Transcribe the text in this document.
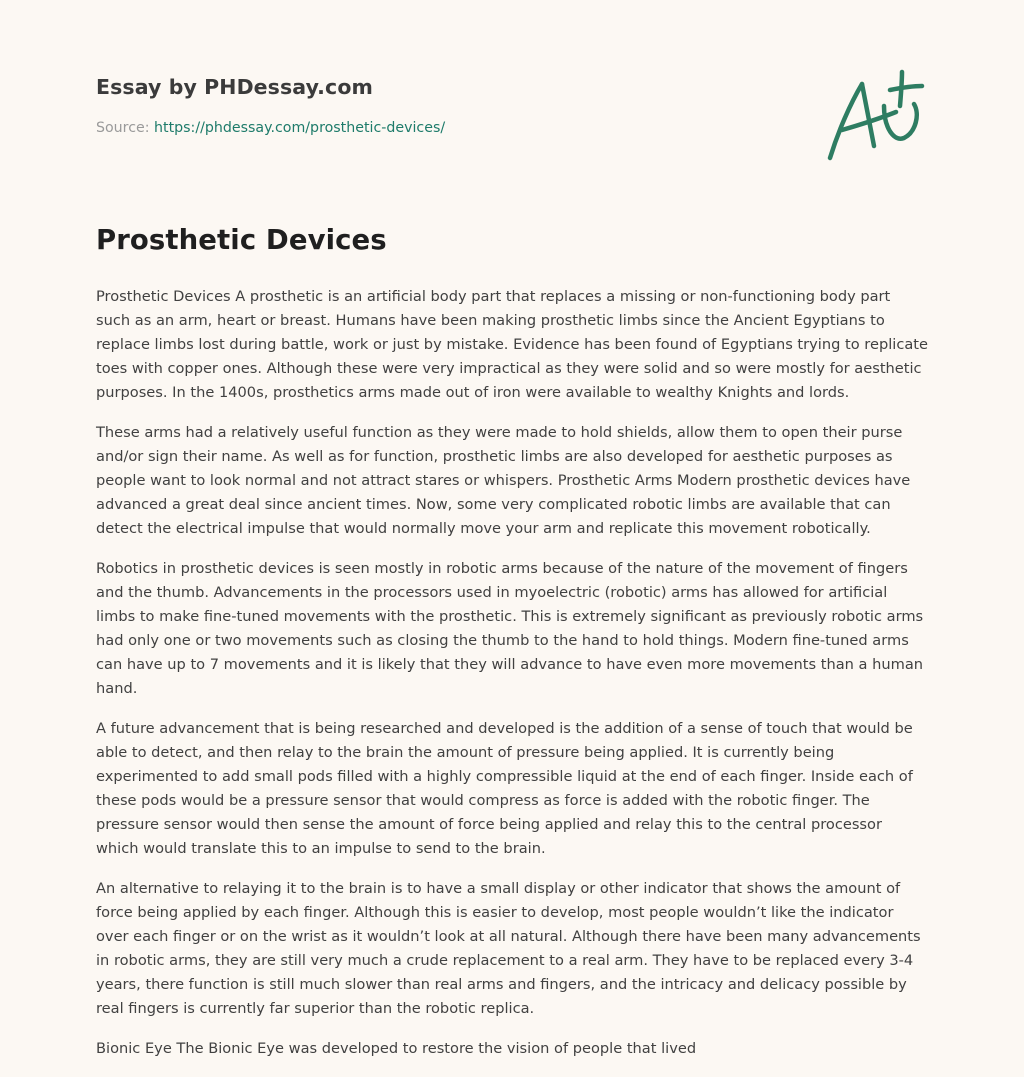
Essay by PHDessay.com
Source: https://phdessay.com/prosthetic-devices/
Prosthetic Devices

Prosthetic Devices A prosthetic is an artificial body part that replaces a missing or non-functioning body part such as an arm, heart or breast. Humans have been making prosthetic limbs since the Ancient Egyptians to replace limbs lost during battle, work or just by mistake. Evidence has been found of Egyptians trying to replicate toes with copper ones. Although these were very impractical as they were solid and so were mostly for aesthetic purposes. In the 1400s, prosthetics arms made out of iron were available to wealthy Knights and lords.

These arms had a relatively useful function as they were made to hold shields, allow them to open their purse and/or sign their name. As well as for function, prosthetic limbs are also developed for aesthetic purposes as people want to look normal and not attract stares or whispers. Prosthetic Arms Modern prosthetic devices have advanced a great deal since ancient times. Now, some very complicated robotic limbs are available that can detect the electrical impulse that would normally move your arm and replicate this movement robotically.

Robotics in prosthetic devices is seen mostly in robotic arms because of the nature of the movement of fingers and the thumb. Advancements in the processors used in myoelectric (robotic) arms has allowed for artificial limbs to make fine-tuned movements with the prosthetic. This is extremely significant as previously robotic arms had only one or two movements such as closing the thumb to the hand to hold things. Modern fine-tuned arms can have up to 7 movements and it is likely that they will advance to have even more movements than a human hand.

A future advancement that is being researched and developed is the addition of a sense of touch that would be able to detect, and then relay to the brain the amount of pressure being applied. It is currently being experimented to add small pods filled with a highly compressible liquid at the end of each finger. Inside each of these pods would be a pressure sensor that would compress as force is added with the robotic finger. The pressure sensor would then sense the amount of force being applied and relay this to the central processor which would translate this to an impulse to send to the brain.

An alternative to relaying it to the brain is to have a small display or other indicator that shows the amount of force being applied by each finger. Although this is easier to develop, most people wouldn’t like the indicator over each finger or on the wrist as it wouldn’t look at all natural. Although there have been many advancements in robotic arms, they are still very much a crude replacement to a real arm. They have to be replaced every 3-4 years, there function is still much slower than real arms and fingers, and the intricacy and delicacy possible by real fingers is currently far superior than the robotic replica.

Bionic Eye The Bionic Eye was developed to restore the vision of people that lived
